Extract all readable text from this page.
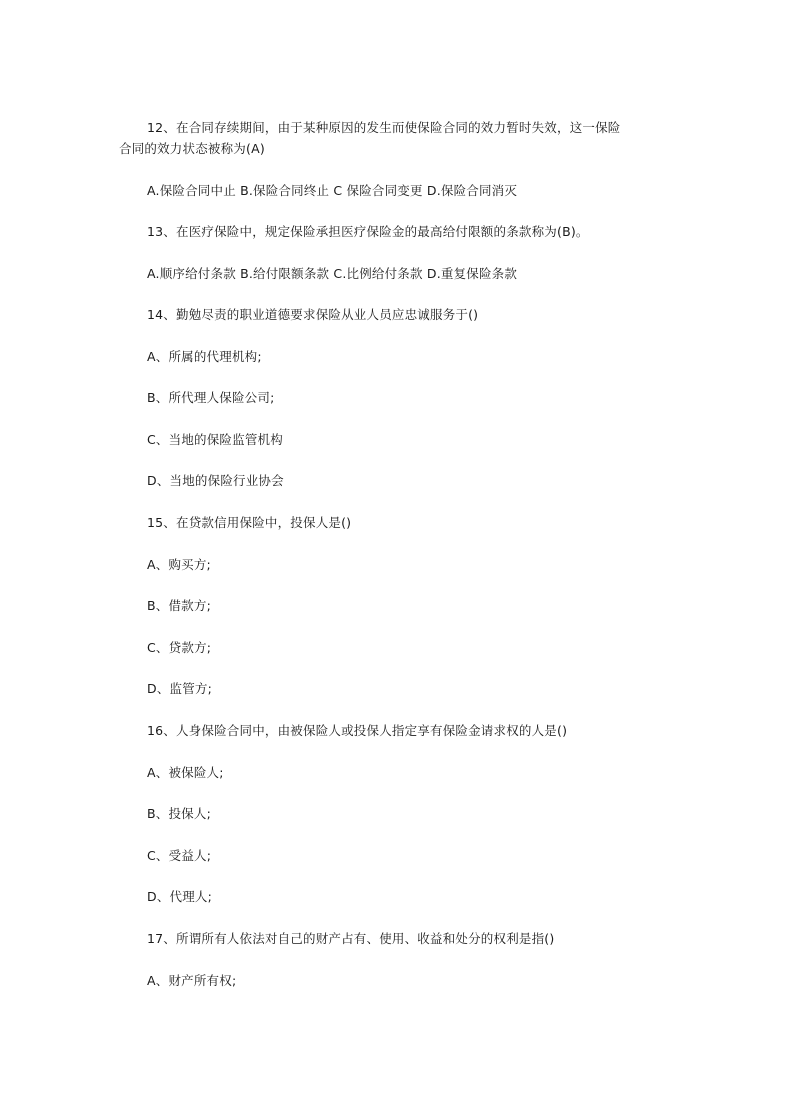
12、在合同存续期间，由于某种原因的发生而使保险合同的效力暂时失效，这一保险
合同的效力状态被称为(A)
A.保险合同中止 B.保险合同终止 C 保险合同变更 D.保险合同消灭
13、在医疗保险中，规定保险承担医疗保险金的最高给付限额的条款称为(B)。
A.顺序给付条款 B.给付限额条款 C.比例给付条款 D.重复保险条款
14、勤勉尽责的职业道德要求保险从业人员应忠诚服务于()
A、所属的代理机构;
B、所代理人保险公司;
C、当地的保险监管机构
D、当地的保险行业协会
15、在贷款信用保险中，投保人是()
A、购买方;
B、借款方;
C、贷款方;
D、监管方;
16、人身保险合同中，由被保险人或投保人指定享有保险金请求权的人是()
A、被保险人;
B、投保人;
C、受益人;
D、代理人;
17、所谓所有人依法对自己的财产占有、使用、收益和处分的权利是指()
A、财产所有权;
